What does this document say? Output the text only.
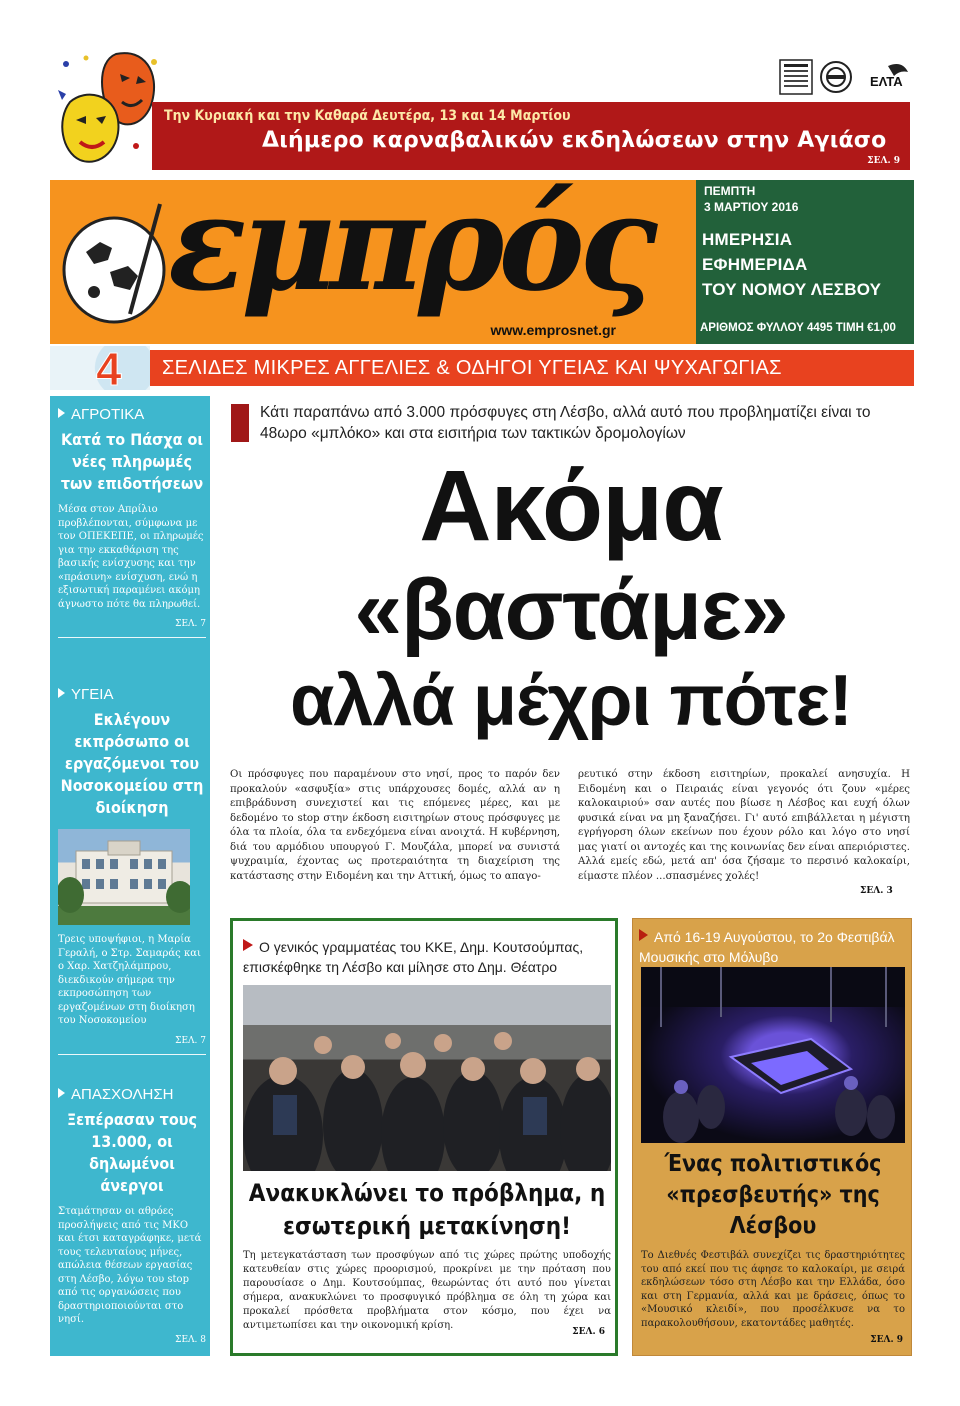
Την Κυριακή και την Καθαρά Δευτέρα, 13 και 14 Μαρτίου
Διήμερο καρναβαλικών εκδηλώσεων στην Αγιάσο
ΣΕΛ. 9
ΕΛΤΑ
εμπρός
www.emprosnet.gr
ΠΕΜΠΤΗ
3 ΜΑΡΤΙΟΥ 2016
ΗΜΕΡΗΣΙΑ
ΕΦΗΜΕΡΙΔΑ
ΤΟΥ ΝΟΜΟΥ ΛΕΣΒΟΥ
ΑΡΙΘΜΟΣ ΦΥΛΛΟΥ 4495 ΤΙΜΗ €1,00
4 ΣΕΛΙΔΕΣ ΜΙΚΡΕΣ ΑΓΓΕΛΙΕΣ & ΟΔΗΓΟΙ ΥΓΕΙΑΣ ΚΑΙ ΨΥΧΑΓΩΓΙΑΣ
ΑΓΡΟΤΙΚΑ
Κατά το Πάσχα οι νέες πληρωμές των επιδοτήσεων
Μέσα στον Απρίλιο προβλέπονται, σύμφωνα με τον ΟΠΕΚΕΠΕ, οι πληρωμές για την εκκαθάριση της βασικής ενίσχυσης και την «πράσινη» ενίσχυση, ενώ η εξισωτική παραμένει ακόμη άγνωστο πότε θα πληρωθεί.
ΣΕΛ. 7
ΥΓΕΙΑ
Εκλέγουν εκπρόσωπο οι εργαζόμενοι του Νοσοκομείου στη διοίκηση
Τρεις υποψήφιοι, η Μαρία Γεραλή, ο Στρ. Σαμαράς και ο Χαρ. Χατζηλάμπρου, διεκδικούν σήμερα την εκπροσώπηση των εργαζομένων στη διοίκηση του Νοσοκομείου
ΣΕΛ. 7
ΑΠΑΣΧΟΛΗΣΗ
Ξεπέρασαν τους 13.000, οι δηλωμένοι άνεργοι
Σταμάτησαν οι αθρόες προσλήψεις από τις ΜΚΟ και έτσι καταγράφηκε, μετά τους τελευταίους μήνες, απώλεια θέσεων εργασίας στη Λέσβο, λόγω του stop από τις οργανώσεις που δραστηριοποιούνται στο νησί.
ΣΕΛ. 8
Κάτι παραπάνω από 3.000 πρόσφυγες στη Λέσβο, αλλά αυτό που προβληματίζει είναι το 48ωρο «μπλόκο» και στα εισιτήρια των τακτικών δρομολογίων
Ακόμα
«βαστάμε»
αλλά μέχρι πότε!
Οι πρόσφυγες που παραμένουν στο νησί, προς το παρόν δεν προκαλούν «ασφυξία» στις υπάρχουσες δομές, αλλά αν η επιβράδυνση συνεχιστεί και τις επόμενες μέρες, και με δεδομένο το stop στην έκδοση εισιτηρίων στους πρόσφυγες με όλα τα πλοία, όλα τα ενδεχόμενα είναι ανοιχτά. Η κυβέρνηση, διά του αρμόδιου υπουργού Γ. Μουζάλα, μπορεί να συνιστά ψυχραιμία, έχοντας ως προτεραιότητα τη διαχείριση της κατάστασης στην Ειδομένη και την Αττική, όμως το απαγο-
ρευτικό στην έκδοση εισιτηρίων, προκαλεί ανησυχία. Η Ειδομένη και ο Πειραιάς είναι γεγονός ότι ζουν «μέρες καλοκαιριού» σαν αυτές που βίωσε η Λέσβος και ευχή όλων φυσικά είναι να μη ξαναζήσει. Γι' αυτό επιβάλλεται η μέγιστη εγρήγορση όλων εκείνων που έχουν ρόλο και λόγο στο νησί μας γιατί οι αντοχές και της κοινωνίας δεν είναι απεριόριστες. Αλλά εμείς εδώ, μετά απ' όσα ζήσαμε το περσινό καλοκαίρι, είμαστε πλέον ...σπασμένες χολές!
ΣΕΛ. 3
Ο γενικός γραμματέας του ΚΚΕ, Δημ. Κουτσούμπας, επισκέφθηκε τη Λέσβο και μίλησε στο Δημ. Θέατρο
Ανακυκλώνει το πρόβλημα, η εσωτερική μετακίνηση!
Τη μετεγκατάσταση των προσφύγων από τις χώρες πρώτης υποδοχής κατευθείαν στις χώρες προορισμού, προκρίνει με την πρόταση που παρουσίασε ο Δημ. Κουτσούμπας, θεωρώντας ότι αυτό που γίνεται σήμερα, ανακυκλώνει το προσφυγικό πρόβλημα σε όλη τη χώρα και προκαλεί πρόσθετα προβλήματα στον κόσμο, που έχει να αντιμετωπίσει και την οικονομική κρίση.
ΣΕΛ. 6
Από 16-19 Αυγούστου, το 2ο Φεστιβάλ Μουσικής στο Μόλυβο
Ένας πολιτιστικός «πρεσβευτής» της Λέσβου
Το Διεθνές Φεστιβάλ συνεχίζει τις δραστηριότητες του από εκεί που τις άφησε το καλοκαίρι, με σειρά εκδηλώσεων τόσο στη Λέσβο και την Ελλάδα, όσο και στη Γερμανία, αλλά και με δράσεις, όπως το «Μουσικό κλειδί», που προσέλκυσε να το παρακολουθήσουν, εκατοντάδες μαθητές.
ΣΕΛ. 9
